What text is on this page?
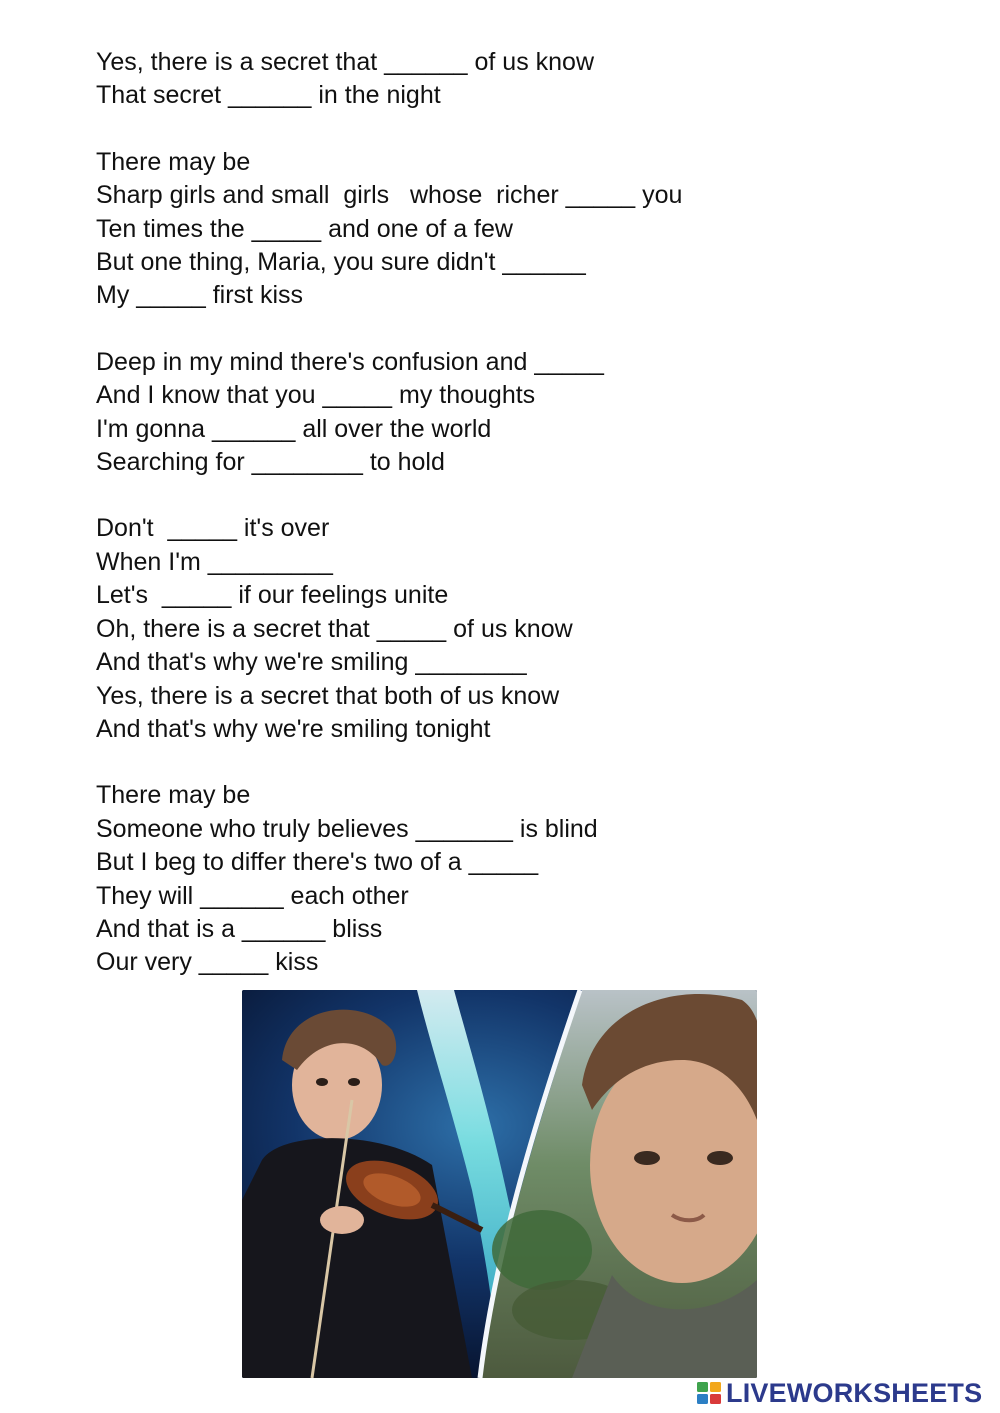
Yes, there is a secret that ______ of us know
That secret ______ in the night
There may be
Sharp girls and small  girls   whose  richer _____ you
Ten times the _____ and one of a few
But one thing, Maria, you sure didn't ______
My _____ first kiss
Deep in my mind there's confusion and _____
And I know that you _____ my thoughts
I'm gonna ______ all over the world
Searching for ________ to hold
Don't  _____ it's over
When I'm _________
Let's  _____ if our feelings unite
Oh, there is a secret that _____ of us know
And that's why we're smiling ________
Yes, there is a secret that both of us know
And that's why we're smiling tonight
There may be
Someone who truly believes _______ is blind
But I beg to differ there's two of a _____
They will ______ each other
And that is a ______ bliss
Our very _____ kiss
LIVEWORKSHEETS
